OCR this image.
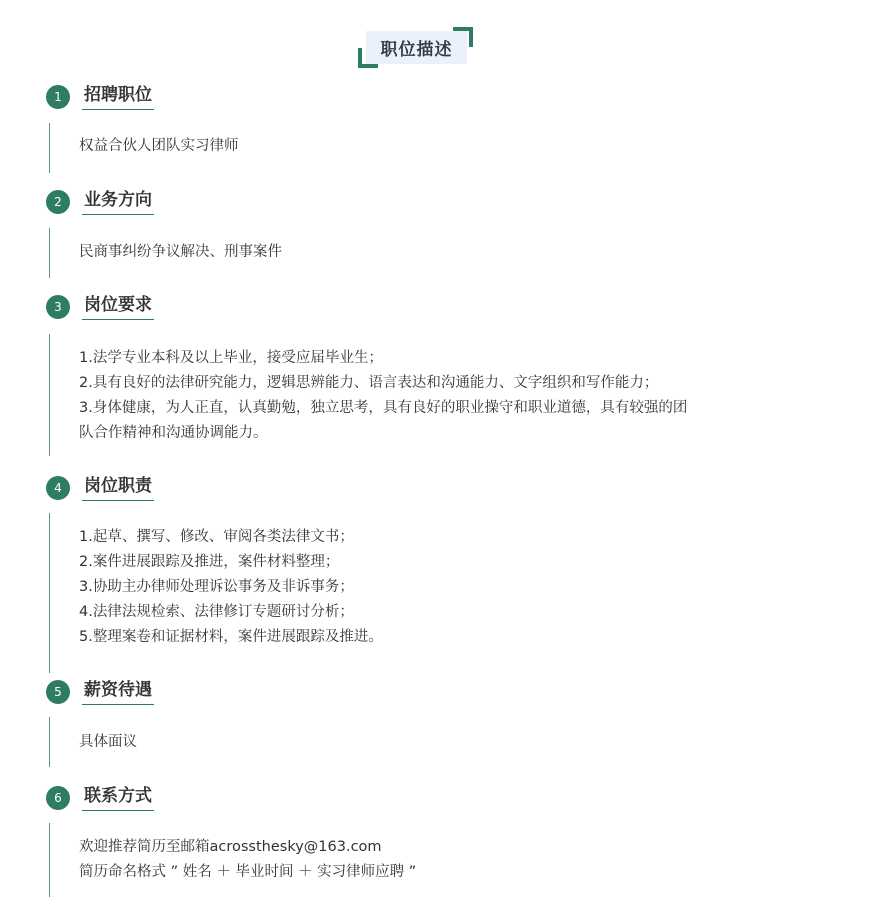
职位描述
1	招聘职位
权益合伙人团队实习律师
2	业务方向
民商事纠纷争议解决、刑事案件
3	岗位要求
1.法学专业本科及以上毕业，接受应届毕业生；
2.具有良好的法律研究能力，逻辑思辨能力、语言表达和沟通能力、文字组织和写作能力；
3.身体健康，为人正直，认真勤勉，独立思考，具有良好的职业操守和职业道德，具有较强的团
队合作精神和沟通协调能力。
4	岗位职责
1.起草、撰写、修改、审阅各类法律文书；
2.案件进展跟踪及推进，案件材料整理；
3.协助主办律师处理诉讼事务及非诉事务；
4.法律法规检索、法律修订专题研讨分析；
5.整理案卷和证据材料，案件进展跟踪及推进。
5	薪资待遇
具体面议
6	联系方式
欢迎推荐简历至邮箱acrossthesky@163.com
简历命名格式 ” 姓名 ＋ 毕业时间 ＋ 实习律师应聘 ”
